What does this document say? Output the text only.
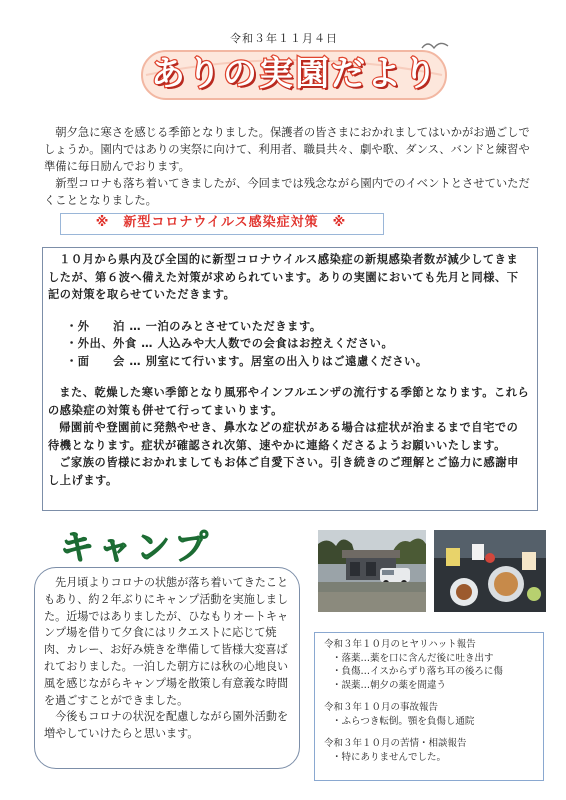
令和３年１１月４日
ありの実園だより

朝夕急に寒さを感じる季節となりました。保護者の皆さまにおかれましてはいかがお過ごしでしょうか。園内ではありの実祭に向けて、利用者、職員共々、劇や歌、ダンス、バンドと練習や準備に毎日励んでおります。

新型コロナも落ち着いてきましたが、今回までは残念ながら園内でのイベントとさせていただくこととなりました。

※　新型コロナウイルス感染症対策　※

１０月から県内及び全国的に新型コロナウイルス感染症の新規感染者数が減少してきましたが、第６波へ備えた対策が求められています。ありの実園においても先月と同様、下記の対策を取らせていただきます。

・外　　泊 … 一泊のみとさせていただきます。

・外出、外食 … 人込みや大人数での会食はお控えください。

・面　　会 … 別室にて行います。居室の出入りはご遠慮ください。

また、乾燥した寒い季節となり風邪やインフルエンザの流行する季節となります。これらの感染症の対策も併せて行ってまいります。

帰園前や登園前に発熱やせき、鼻水などの症状がある場合は症状が治まるまで自宅での待機となります。症状が確認され次第、速やかに連絡くださるようお願いいたします。

ご家族の皆様におかれましてもお体ご自愛下さい。引き続きのご理解とご協力に感謝申し上げます。

キャンプ

先月頃よりコロナの状態が落ち着いてきたこともあり、約２年ぶりにキャンプ活動を実施しました。近場ではありましたが、ひなもりオートキャンプ場を借りて夕食にはリクエストに応じて焼肉、カレー、お好み焼きを準備して皆様大変喜ばれておりました。一泊した朝方には秋の心地良い風を感じながらキャンプ場を散策し有意義な時間を過ごすことができました。

今後もコロナの状況を配慮しながら園外活動を増やしていけたらと思います。

令和３年１０月のヒヤリハット報告

・落薬…薬を口に含んだ後に吐き出す

・負傷…イスからずり落ち耳の後ろに傷

・誤薬…朝夕の薬を間違う

令和３年１０月の事故報告

・ふらつき転倒。顎を負傷し通院

令和３年１０月の苦情・相談報告

・特にありませんでした。
